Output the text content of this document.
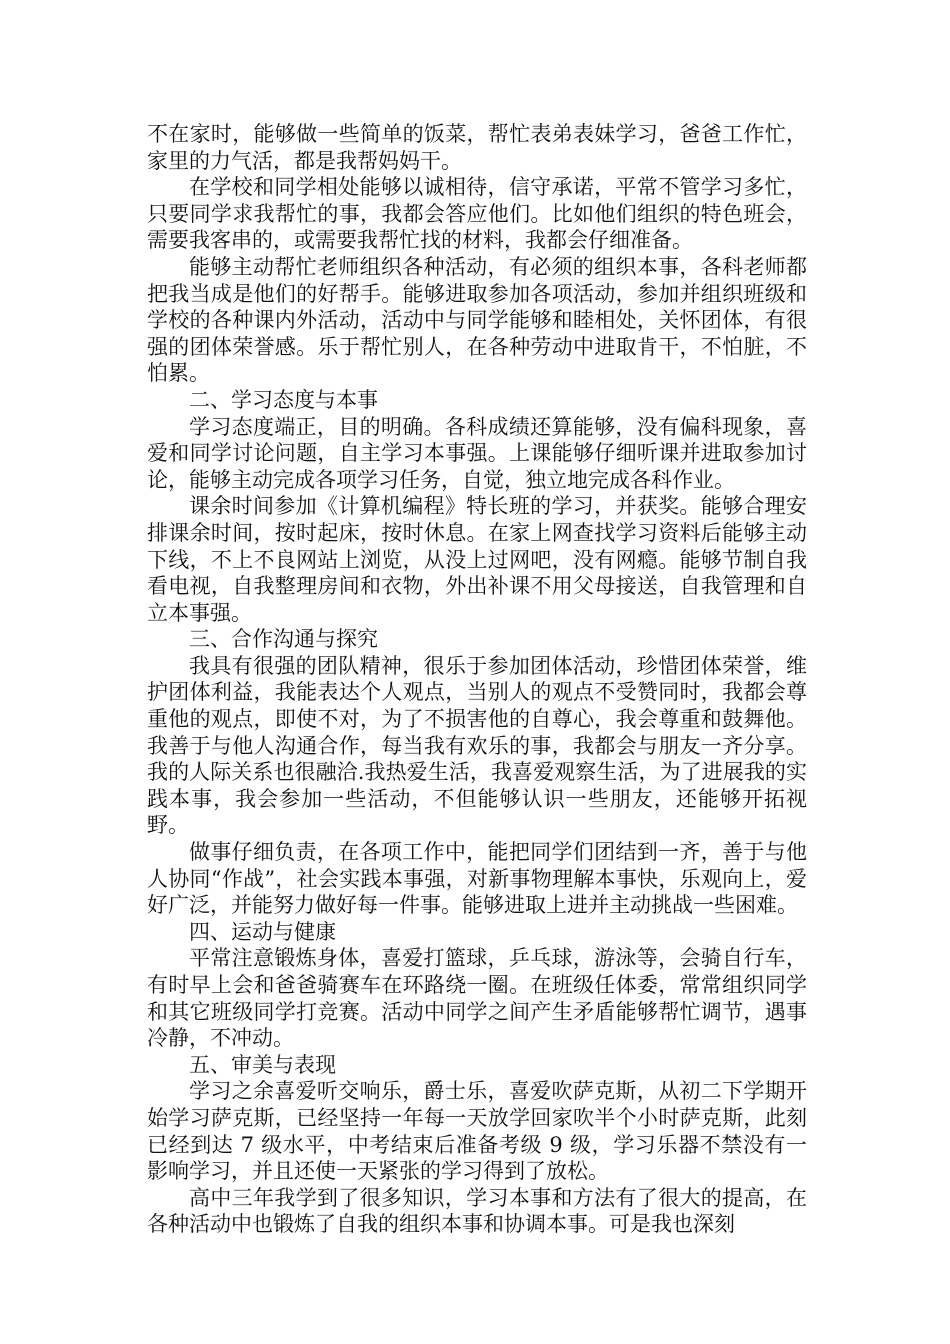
不在家时，能够做一些简单的饭菜，帮忙表弟表妹学习，爸爸工作忙，家里的力气活，都是我帮妈妈干。

在学校和同学相处能够以诚相待，信守承诺，平常不管学习多忙，只要同学求我帮忙的事，我都会答应他们。比如他们组织的特色班会，需要我客串的，或需要我帮忙找的材料，我都会仔细准备。

能够主动帮忙老师组织各种活动，有必须的组织本事，各科老师都把我当成是他们的好帮手。能够进取参加各项活动，参加并组织班级和学校的各种课内外活动，活动中与同学能够和睦相处，关怀团体，有很强的团体荣誉感。乐于帮忙别人，在各种劳动中进取肯干，不怕脏，不怕累。

二、学习态度与本事

学习态度端正，目的明确。各科成绩还算能够，没有偏科现象，喜爱和同学讨论问题，自主学习本事强。上课能够仔细听课并进取参加讨论，能够主动完成各项学习任务，自觉，独立地完成各科作业。

课余时间参加《计算机编程》特长班的学习，并获奖。能够合理安排课余时间，按时起床，按时休息。在家上网查找学习资料后能够主动下线，不上不良网站上浏览，从没上过网吧，没有网瘾。能够节制自我看电视，自我整理房间和衣物，外出补课不用父母接送，自我管理和自立本事强。

三、合作沟通与探究

我具有很强的团队精神，很乐于参加团体活动，珍惜团体荣誉，维护团体利益，我能表达个人观点，当别人的观点不受赞同时，我都会尊重他的观点，即使不对，为了不损害他的自尊心，我会尊重和鼓舞他。我善于与他人沟通合作，每当我有欢乐的事，我都会与朋友一齐分享。我的人际关系也很融洽.我热爱生活，我喜爱观察生活，为了进展我的实践本事，我会参加一些活动，不但能够认识一些朋友，还能够开拓视野。

做事仔细负责，在各项工作中，能把同学们团结到一齐，善于与他人协同“作战”，社会实践本事强，对新事物理解本事快，乐观向上，爱好广泛，并能努力做好每一件事。能够进取上进并主动挑战一些困难。

四、运动与健康

平常注意锻炼身体，喜爱打篮球，乒乓球，游泳等，会骑自行车，有时早上会和爸爸骑赛车在环路绕一圈。在班级任体委，常常组织同学和其它班级同学打竞赛。活动中同学之间产生矛盾能够帮忙调节，遇事冷静，不冲动。

五、审美与表现

学习之余喜爱听交响乐，爵士乐，喜爱吹萨克斯，从初二下学期开始学习萨克斯，已经坚持一年每一天放学回家吹半个小时萨克斯，此刻已经到达 7 级水平，中考结束后准备考级 9 级，学习乐器不禁没有一影响学习，并且还使一天紧张的学习得到了放松。

高中三年我学到了很多知识，学习本事和方法有了很大的提高，在各种活动中也锻炼了自我的组织本事和协调本事。可是我也深刻
